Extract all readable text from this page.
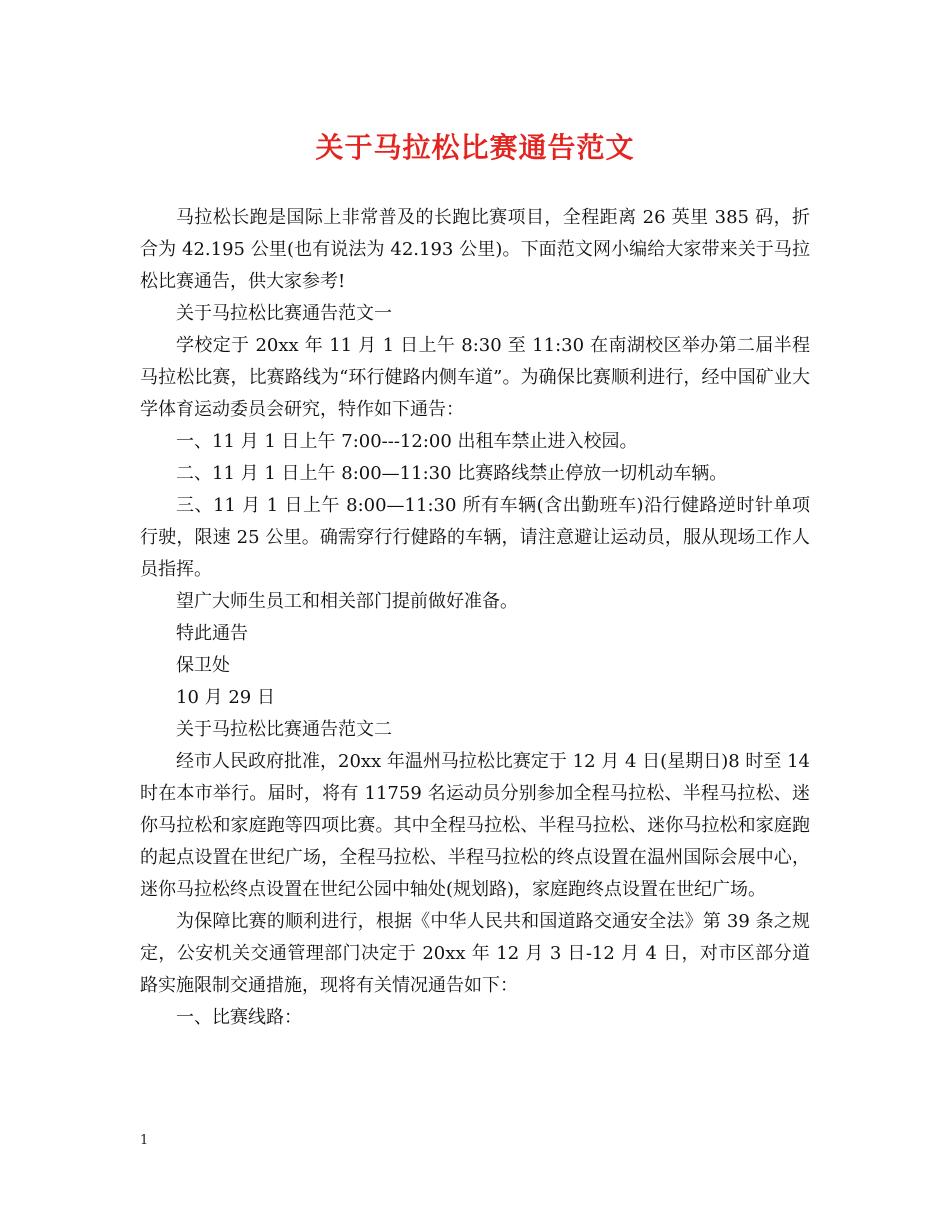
关于马拉松比赛通告范文

马拉松长跑是国际上非常普及的长跑比赛项目，全程距离 26 英里 385 码，折合为 42.195 公里(也有说法为 42.193 公里)。下面范文网小编给大家带来关于马拉松比赛通告，供大家参考!

关于马拉松比赛通告范文一

学校定于 20xx 年 11 月 1 日上午 8:30 至 11:30 在南湖校区举办第二届半程马拉松比赛，比赛路线为“环行健路内侧车道”。为确保比赛顺利进行，经中国矿业大学体育运动委员会研究，特作如下通告：

一、11 月 1 日上午 7:00---12:00 出租车禁止进入校园。

二、11 月 1 日上午 8:00—11:30 比赛路线禁止停放一切机动车辆。

三、11 月 1 日上午 8:00—11:30 所有车辆(含出勤班车)沿行健路逆时针单项行驶，限速 25 公里。确需穿行行健路的车辆，请注意避让运动员，服从现场工作人员指挥。

望广大师生员工和相关部门提前做好准备。

特此通告

保卫处

10 月 29 日

关于马拉松比赛通告范文二

经市人民政府批准，20xx 年温州马拉松比赛定于 12 月 4 日(星期日)8 时至 14 时在本市举行。届时，将有 11759 名运动员分别参加全程马拉松、半程马拉松、迷你马拉松和家庭跑等四项比赛。其中全程马拉松、半程马拉松、迷你马拉松和家庭跑的起点设置在世纪广场，全程马拉松、半程马拉松的终点设置在温州国际会展中心，迷你马拉松终点设置在世纪公园中轴处(规划路)，家庭跑终点设置在世纪广场。

为保障比赛的顺利进行，根据《中华人民共和国道路交通安全法》第 39 条之规定，公安机关交通管理部门决定于 20xx 年 12 月 3 日-12 月 4 日，对市区部分道路实施限制交通措施，现将有关情况通告如下：

一、比赛线路：

1
